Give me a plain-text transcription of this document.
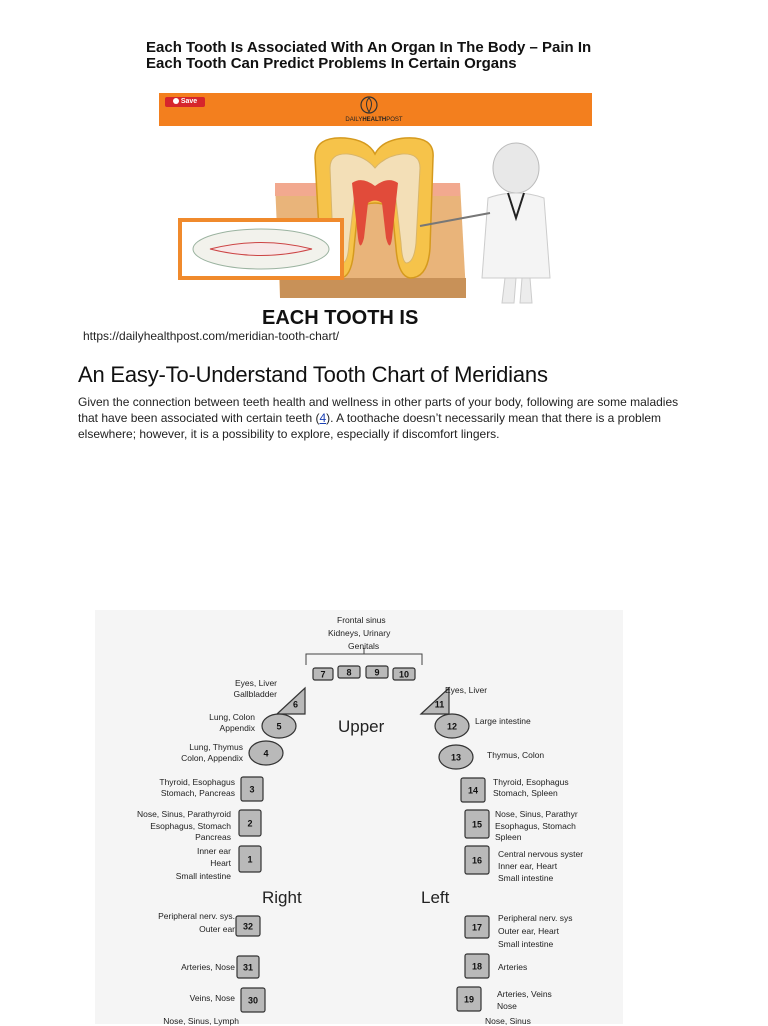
Each Tooth Is Associated With An Organ In The Body – Pain In Each Tooth Can Predict Problems In Certain Organs
Save
DAILYHEALTHPOST
EACH TOOTH IS
https://dailyhealthpost.com/meridian-tooth-chart/
An Easy-To-Understand Tooth Chart of Meridians
Given the connection between teeth health and wellness in other parts of your body, following are some maladies that have been associated with certain teeth (4). A toothache doesn’t necessarily mean that there is a problem elsewhere; however, it is a possibility to explore, especially if discomfort lingers.
7 8	9 10
6	11
5	12
4	13
3	14
2	15
1	16
32	17
31	18
30	19
Frontal sinus
Kidneys, Urinary
Genitals
Upper
Right	Left
Eyes, Liver
Gallbladder
Lung, Colon
Appendix
Lung, Thymus
Colon, Appendix
Thyroid, Esophagus
Stomach, Pancreas
Nose, Sinus, Parathyroid
Esophagus, Stomach
Pancreas
Inner ear
Heart
Small intestine
Peripheral nerv. sys.
Outer ear
Arteries, Nose
Veins, Nose
Nose, Sinus, Lymph
Eyes, Liver
Large intestine
Thymus, Colon
Thyroid, Esophagus
Stomach, Spleen
Nose, Sinus, Parathyr
Esophagus, Stomach
Spleen
Central nervous syster
Inner ear, Heart
Small intestine
Peripheral nerv. sys
Outer ear, Heart
Small intestine
Arteries
Arteries, Veins
Nose
Nose, Sinus
